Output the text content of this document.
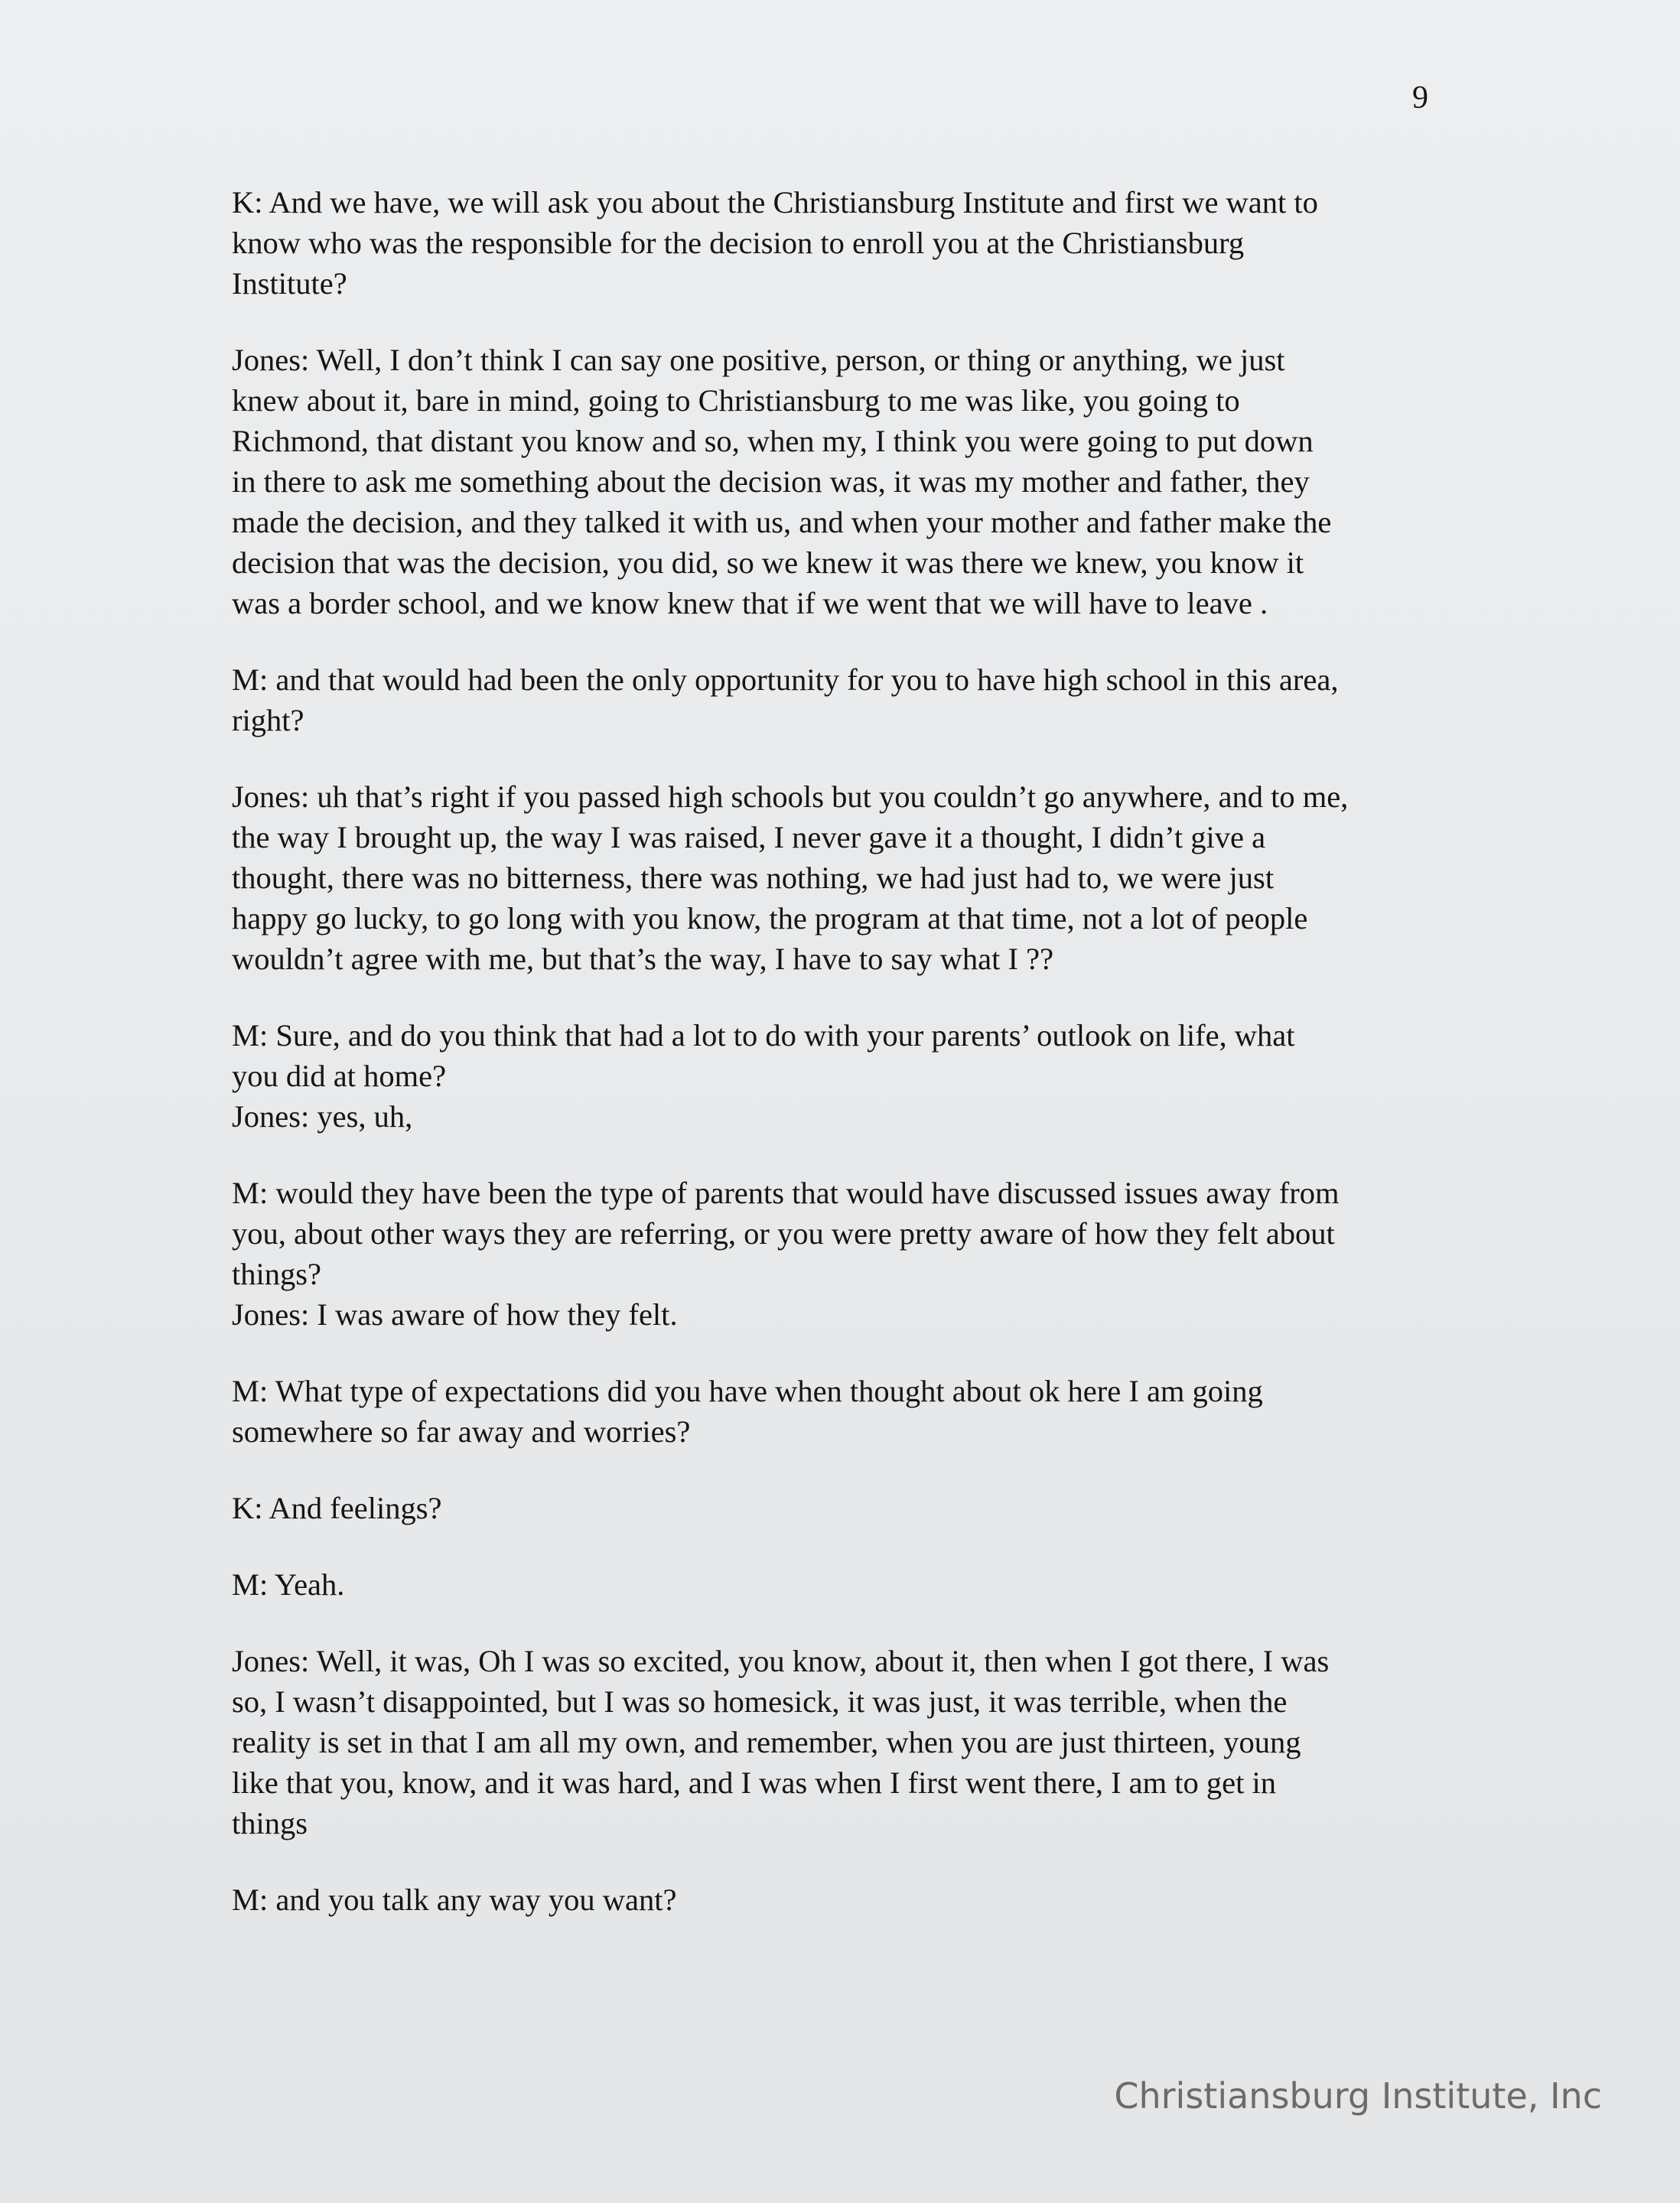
9

K: And we have, we will ask you about the Christiansburg Institute and first we want to
know who was the responsible for the decision to enroll you at the Christiansburg
Institute?

Jones: Well, I don’t think I can say one positive, person, or thing or anything, we just
knew about it, bare in mind, going to Christiansburg to me was like, you going to
Richmond, that distant you know and so, when my, I think you were going to put down
in there to ask me something about the decision was, it was my mother and father, they
made the decision, and they talked it with us, and when your mother and father make the
decision that was the decision, you did, so we knew it was there we knew, you know it
was a border school, and we know knew that if we went that we will have to leave .

M: and that would had been the only opportunity for you to have high school in this area,
right?

Jones: uh that’s right if you passed high schools but you couldn’t go anywhere, and to me,
the way I brought up, the way I was raised, I never gave it a thought, I didn’t give a
thought, there was no bitterness, there was nothing, we had just had to, we were just
happy go lucky, to go long with you know, the program at that time, not a lot of people
wouldn’t agree with me, but that’s the way, I have to say what I ??

M: Sure, and do you think that had a lot to do with your parents’ outlook on life, what
you did at home?
Jones: yes, uh,

M: would they have been the type of parents that would have discussed issues away from
you, about other ways they are referring, or you were pretty aware of how they felt about
things?
Jones: I was aware of how they felt.

M: What type of expectations did you have when thought about ok here I am going
somewhere so far away and worries?

K: And feelings?

M: Yeah.

Jones: Well, it was, Oh I was so excited, you know, about it, then when I got there, I was
so, I wasn’t disappointed, but I was so homesick, it was just, it was terrible, when the
reality is set in that I am all my own, and remember, when you are just thirteen, young
like that you, know, and it was hard, and I was when I first went there, I am to get in
things

M: and you talk any way you want?

Christiansburg Institute, Inc
